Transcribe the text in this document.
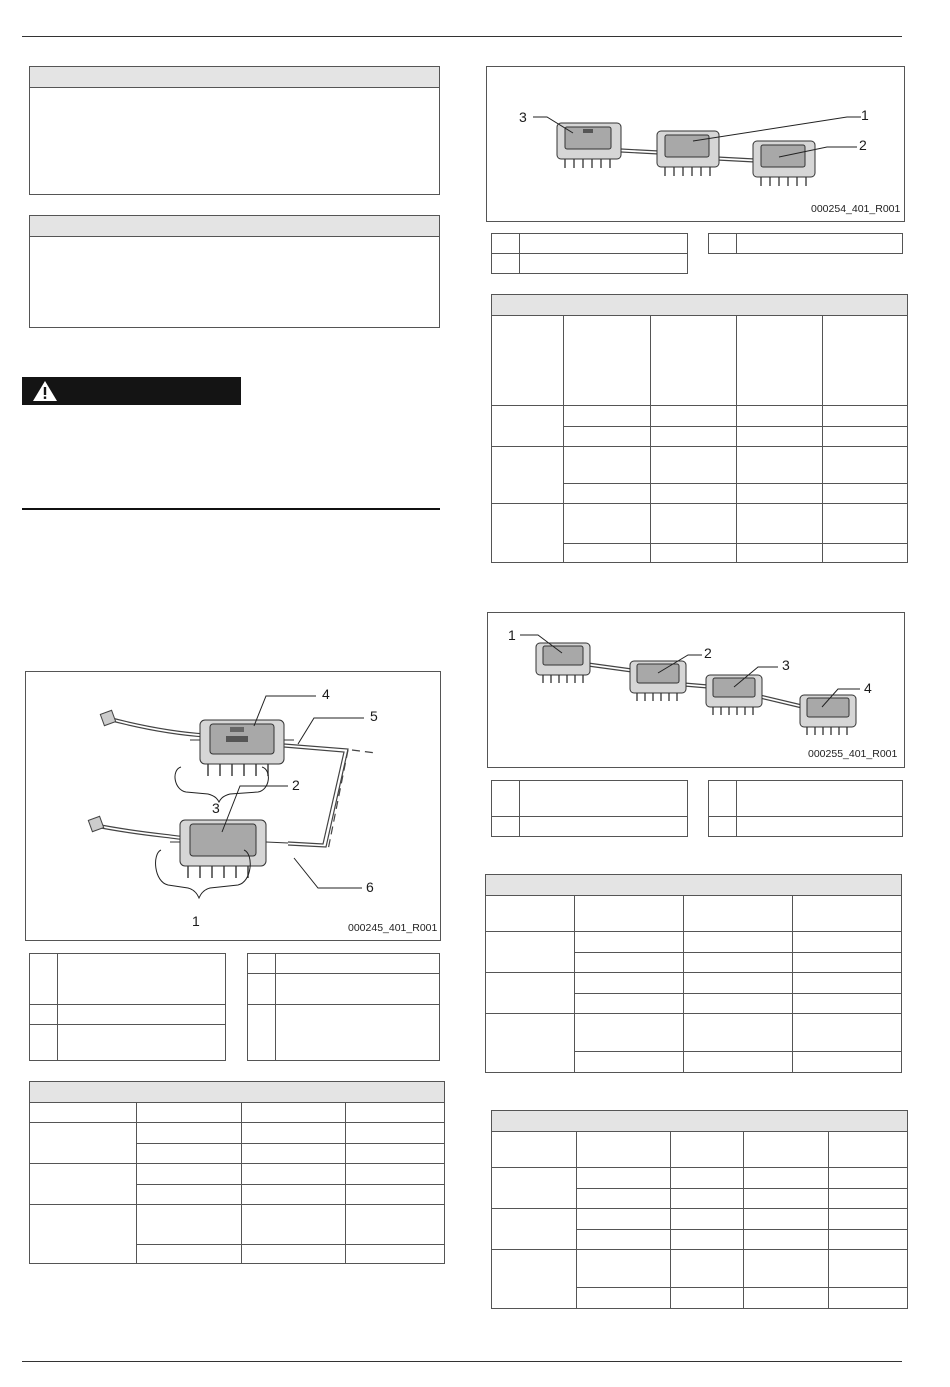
4
5
3
2
6
1	000245_401_R001

3	1
2
000254_401_R001

1
2
3
4
000255_401_R001
